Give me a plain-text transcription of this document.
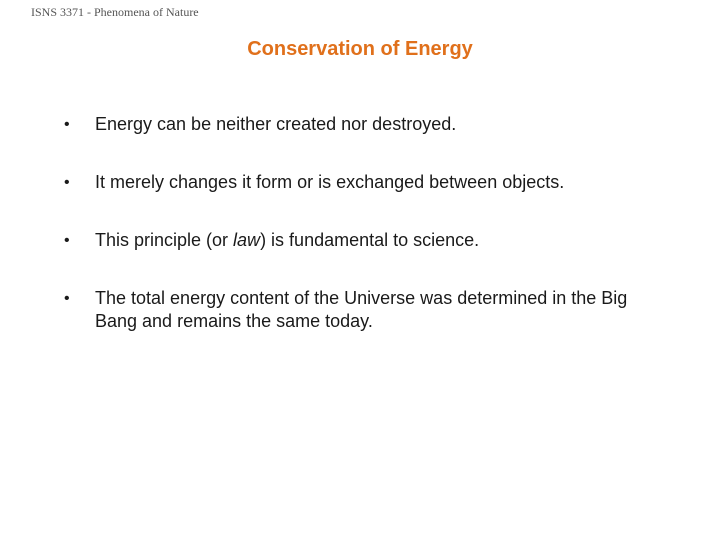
ISNS 3371 - Phenomena of Nature
Conservation of Energy
•	Energy can be neither created nor destroyed.
•	It merely changes it form or is exchanged between objects.
•	This principle (or law) is fundamental to science.
•	The total energy content of the Universe was determined in the Big Bang and remains the same today.
